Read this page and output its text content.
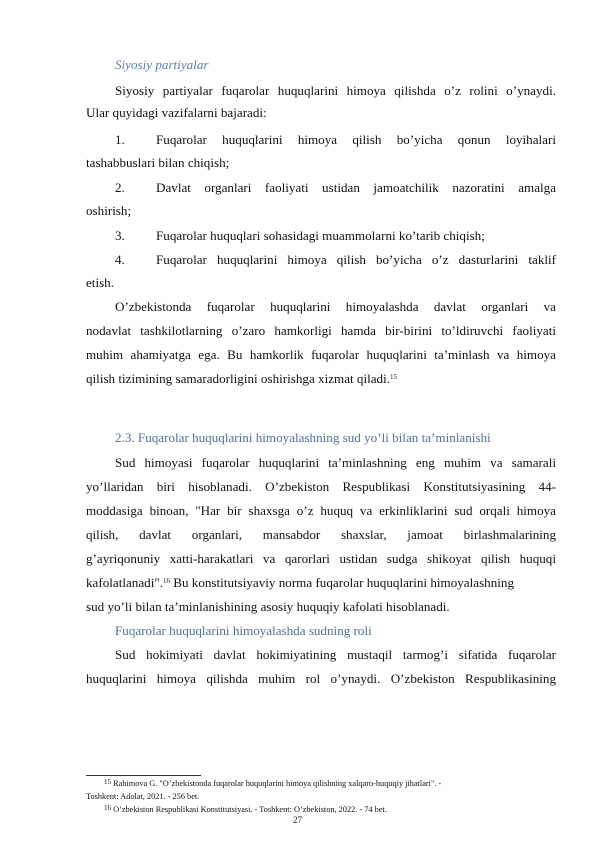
Siyosiy partiyalar
Siyosiy partiyalar fuqarolar huquqlarini himoya qilishda o’z rolini o’ynaydi.
Ular quyidagi vazifalarni bajaradi:
1. Fuqarolar huquqlarini himoya qilish bo’yicha qonun loyihalari
tashabbuslari bilan chiqish;
2. Davlat organlari faoliyati ustidan jamoatchilik nazoratini amalga
oshirish;
3. Fuqarolar huquqlari sohasidagi muammolarni ko’tarib chiqish;
4. Fuqarolar huquqlarini himoya qilish bo’yicha o’z dasturlarini taklif
etish.
O’zbekistonda fuqarolar huquqlarini himoyalashda davlat organlari va
nodavlat tashkilotlarning o’zaro hamkorligi hamda bir-birini to’ldiruvchi faoliyati
muhim ahamiyatga ega. Bu hamkorlik fuqarolar huquqlarini ta’minlash va himoya
qilish tizimining samaradorligini oshirishga xizmat qiladi.$^{15}$
2.3. Fuqarolar huquqlarini himoyalashning sud yo’li bilan ta’minlanishi
Sud himoyasi fuqarolar huquqlarini ta’minlashning eng muhim va samarali
yo’llaridan biri hisoblanadi. O’zbekiston Respublikasi Konstitutsiyasining 44-
moddasiga binoan, "Har bir shaxsga o’z huquq va erkinliklarini sud orqali himoya
qilish, davlat organlari, mansabdor shaxslar, jamoat birlashmalarining
g’ayriqonuniy xatti-harakatlari va qarorlari ustidan sudga shikoyat qilish huquqi
kafolatlanadi".$^{16}$ Bu konstitutsiyaviy norma fuqarolar huquqlarini himoyalashning
sud yo’li bilan ta’minlanishining asosiy huquqiy kafolati hisoblanadi.
Fuqarolar huquqlarini himoyalashda sudning roli
Sud hokimiyati davlat hokimiyatining mustaqil tarmog’i sifatida fuqarolar
huquqlarini himoya qilishda muhim rol o’ynaydi. O’zbekiston Respublikasining
$^{15}$ Rahimova G. "O’zbekistonda fuqarolar huquqlarini himoya qilishning xalqaro-huquqiy jihatlari". -
Toshkent: Adolat, 2021. - 256 bet.
$^{16}$ O’zbekiston Respublikasi Konstitutsiyasi. - Toshkent: O’zbekiston, 2022. - 74 bet.
27
